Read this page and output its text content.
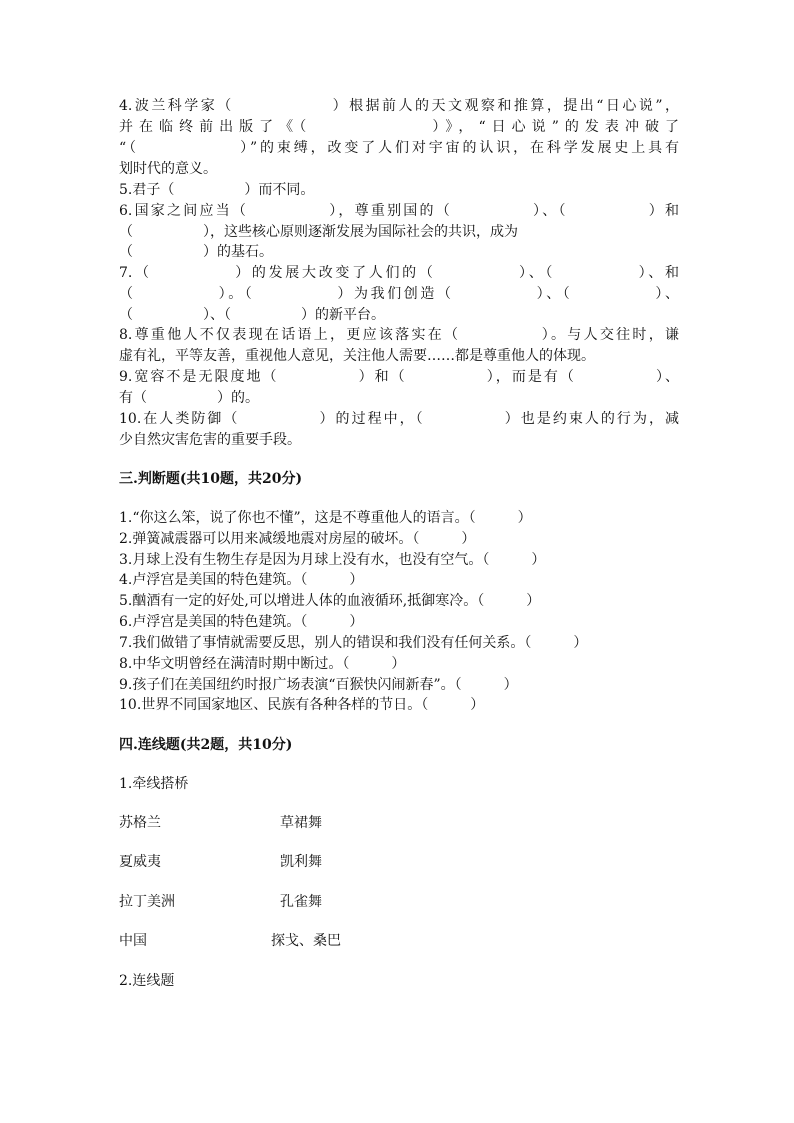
4.波兰科学家（　　　　　　）根据前人的天文观察和推算，提出“日心说”，
并在临终前出版了《（　　　　　　）》，“日心说”的发表冲破了
“（　　　　　　）”的束缚，改变了人们对宇宙的认识，在科学发展史上具有
划时代的意义。
5.君子（　　　　　）而不同。
6.国家之间应当（　　　　　），尊重别国的（　　　　　）、（　　　　　）和
（　　　　　），这些核心原则逐渐发展为国际社会的共识，成为
（　　　　　）的基石。
7.（　　　　　）的发展大改变了人们的（　　　　　）、（　　　　　）、和
（　　　　　）。（　　　　　）为我们创造（　　　　　）、（　　　　　）、
（　　　　　）、（　　　　　）的新平台。
8.尊重他人不仅表现在话语上，更应该落实在（　　　　　）。与人交往时，谦
虚有礼，平等友善，重视他人意见，关注他人需要……都是尊重他人的体现。
9.宽容不是无限度地（　　　　　）和（　　　　　），而是有（　　　　　）、
有（　　　　　）的。
10.在人类防御（　　　　　）的过程中，（　　　　　）也是约束人的行为，减
少自然灾害危害的重要手段。
三.判断题(共10题，共20分)
1.“你这么笨，说了你也不懂”，这是不尊重他人的语言。（　　　）
2.弹簧减震器可以用来减缓地震对房屋的破坏。（　　　）
3.月球上没有生物生存是因为月球上没有水，也没有空气。（　　　）
4.卢浮宫是美国的特色建筑。（　　　）
5.酗酒有一定的好处,可以增进人体的血液循环,抵御寒冷。（　　　）
6.卢浮宫是美国的特色建筑。（　　　）
7.我们做错了事情就需要反思，别人的错误和我们没有任何关系。（　　　）
8.中华文明曾经在满清时期中断过。（　　　）
9.孩子们在美国纽约时报广场表演“百猴快闪闹新春”。（　　　）
10.世界不同国家地区、民族有各种各样的节日。（　　　）
四.连线题(共2题，共10分)
1.牵线搭桥
苏格兰	草裙舞
夏威夷	凯利舞
拉丁美洲	孔雀舞
中国	探戈、桑巴
2.连线题
